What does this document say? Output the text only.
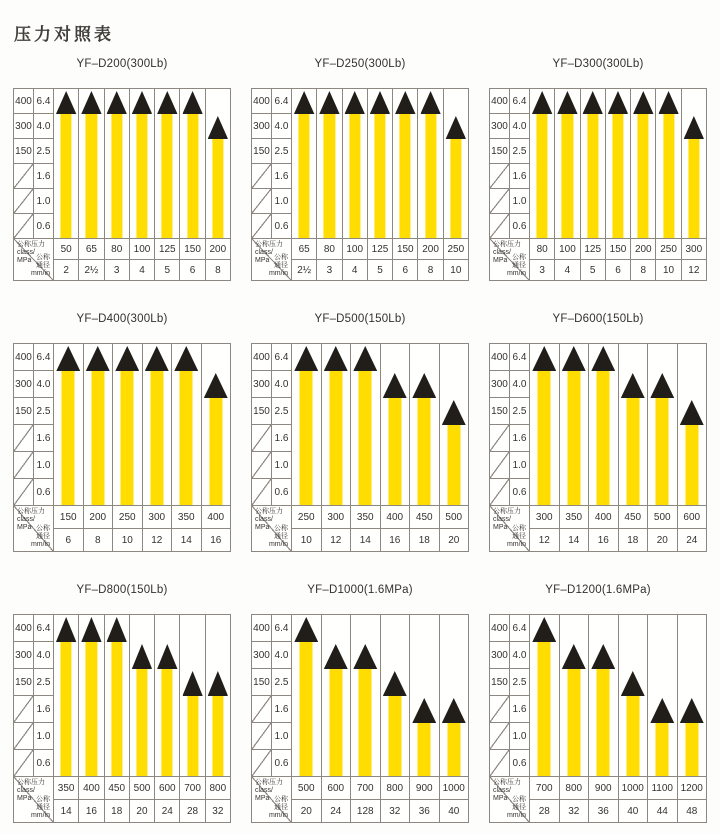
压力对照表
YF–D200(300Lb)
400 6.4
300 4.0
150 2.5
1.6
1.0
0.6
公称压力
class/
MPa 公称
通径
mm/in
50	65	80	100 125 150 200
2	2½	3	4	5	6	8
YF–D250(300Lb)
400 6.4
300 4.0
150 2.5
1.6
1.0
0.6
公称压力
class/
MPa 公称
通径
mm/in
65	80	100 125 150 200 250
2½	3	4	5	6	8	10
YF–D300(300Lb)
400 6.4
300 4.0
150 2.5
1.6
1.0
0.6
公称压力
class/
MPa 公称
通径
mm/in
80	100 125 150 200 250 300
3	4	5	6	8	10	12
YF–D400(300Lb)
400 6.4
300 4.0
150 2.5
1.6
1.0
0.6
公称压力
class/
MPa 公称
通径
mm/in
150	200	250	300	350	400
6	8	10	12	14	16
YF–D500(150Lb)
400 6.4
300 4.0
150 2.5
1.6
1.0
0.6
公称压力
class/
MPa 公称
通径
mm/in
250	300	350	400	450	500
10	12	14	16	18	20
YF–D600(150Lb)
400 6.4
300 4.0
150 2.5
1.6
1.0
0.6
公称压力
class/
MPa 公称
通径
mm/in
300	350	400	450	500	600
12	14	16	18	20	24
YF–D800(150Lb)
400 6.4
300 4.0
150 2.5
1.6
1.0
0.6
公称压力
class/
MPa 公称
通径
mm/in
350 400 450 500 600 700 800
14	16	18	20	24	28	32
YF–D1000(1.6MPa)
400 6.4
300 4.0
150 2.5
1.6
1.0
0.6
公称压力
class/
MPa 公称
通径
mm/in
500	600	700	800	900	1000
20	24	128	32	36	40
YF–D1200(1.6MPa)
400 6.4
300 4.0
150 2.5
1.6
1.0
0.6
公称压力
class/
MPa 公称
通径
mm/in
700	800	900	1000 1100 1200
28	32	36	40	44	48
